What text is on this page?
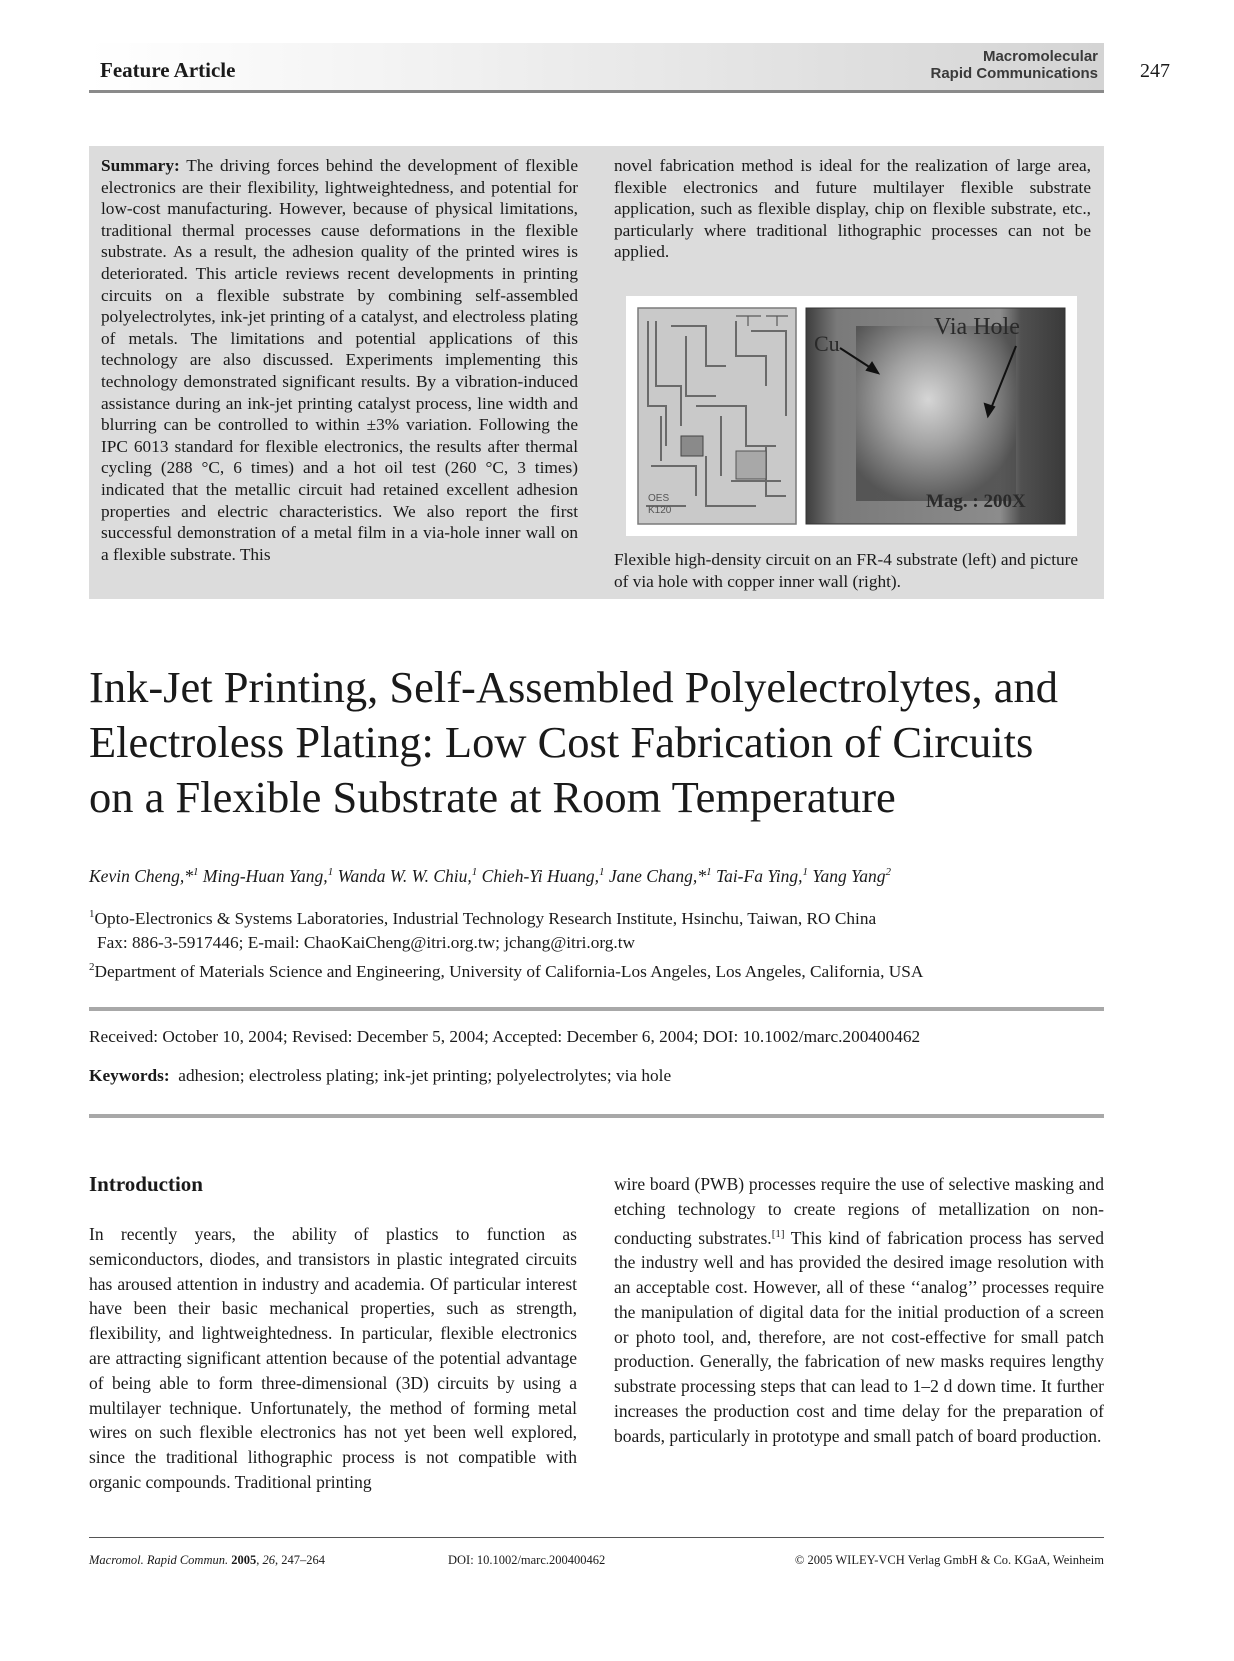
Feature Article
Macromolecular
Rapid Communications 247
Summary: The driving forces behind the development of flexible electronics are their flexibility, lightweightedness, and potential for low-cost manufacturing. However, because of physical limitations, traditional thermal processes cause deformations in the flexible substrate. As a result, the adhesion quality of the printed wires is deteriorated. This article reviews recent developments in printing circuits on a flexible substrate by combining self-assembled polyelectrolytes, ink-jet printing of a catalyst, and electroless plating of metals. The limitations and potential applications of this technology are also discussed. Experiments implementing this technology demonstrated significant results. By a vibration-induced assistance during an ink-jet printing catalyst process, line width and blurring can be controlled to within ±3% variation. Following the IPC 6013 standard for flexible electronics, the results after thermal cycling (288 °C, 6 times) and a hot oil test (260 °C, 3 times) indicated that the metallic circuit had retained excellent adhesion properties and electric characteristics. We also report the first successful demonstration of a metal film in a via-hole inner wall on a flexible substrate. This
novel fabrication method is ideal for the realization of large area, flexible electronics and future multilayer flexible substrate application, such as flexible display, chip on flexible substrate, etc., particularly where traditional lithographic processes can not be applied.
OES
K120
Cu
Via Hole
Mag. : 200X
Flexible high-density circuit on an FR-4 substrate (left) and picture of via hole with copper inner wall (right).
Ink-Jet Printing, Self-Assembled Polyelectrolytes, and
Electroless Plating: Low Cost Fabrication of Circuits
on a Flexible Substrate at Room Temperature
Kevin Cheng,*$^1$ Ming-Huan Yang,$^1$ Wanda W. W. Chiu,$^1$ Chieh-Yi Huang,$^1$ Jane Chang,*$^1$ Tai-Fa Ying,$^1$ Yang Yang$^2$
$^1$Opto-Electronics & Systems Laboratories, Industrial Technology Research Institute, Hsinchu, Taiwan, RO China
Fax: 886-3-5917446; E-mail: ChaoKaiCheng@itri.org.tw; jchang@itri.org.tw
$^2$Department of Materials Science and Engineering, University of California-Los Angeles, Los Angeles, California, USA
Received: October 10, 2004; Revised: December 5, 2004; Accepted: December 6, 2004; DOI: 10.1002/marc.200400462
Keywords: adhesion; electroless plating; ink-jet printing; polyelectrolytes; via hole
Introduction
In recently years, the ability of plastics to function as semiconductors, diodes, and transistors in plastic integrated circuits has aroused attention in industry and academia. Of particular interest have been their basic mechanical properties, such as strength, flexibility, and lightweightedness. In particular, flexible electronics are attracting significant attention because of the potential advantage of being able to form three-dimensional (3D) circuits by using a multilayer technique. Unfortunately, the method of forming metal wires on such flexible electronics has not yet been well explored, since the traditional lithographic process is not compatible with organic compounds. Traditional printing
wire board (PWB) processes require the use of selective masking and etching technology to create regions of metallization on non-conducting substrates.[1] This kind of fabrication process has served the industry well and has provided the desired image resolution with an acceptable cost. However, all of these ‘‘analog’’ processes require the manipulation of digital data for the initial production of a screen or photo tool, and, therefore, are not cost-effective for small patch production. Generally, the fabrication of new masks requires lengthy substrate processing steps that can lead to 1–2 d down time. It further increases the production cost and time delay for the preparation of boards, particularly in prototype and small patch of board production.
Macromol. Rapid Commun. 2005, 26, 247–264	DOI: 10.1002/marc.200400462	© 2005 WILEY-VCH Verlag GmbH & Co. KGaA, Weinheim
